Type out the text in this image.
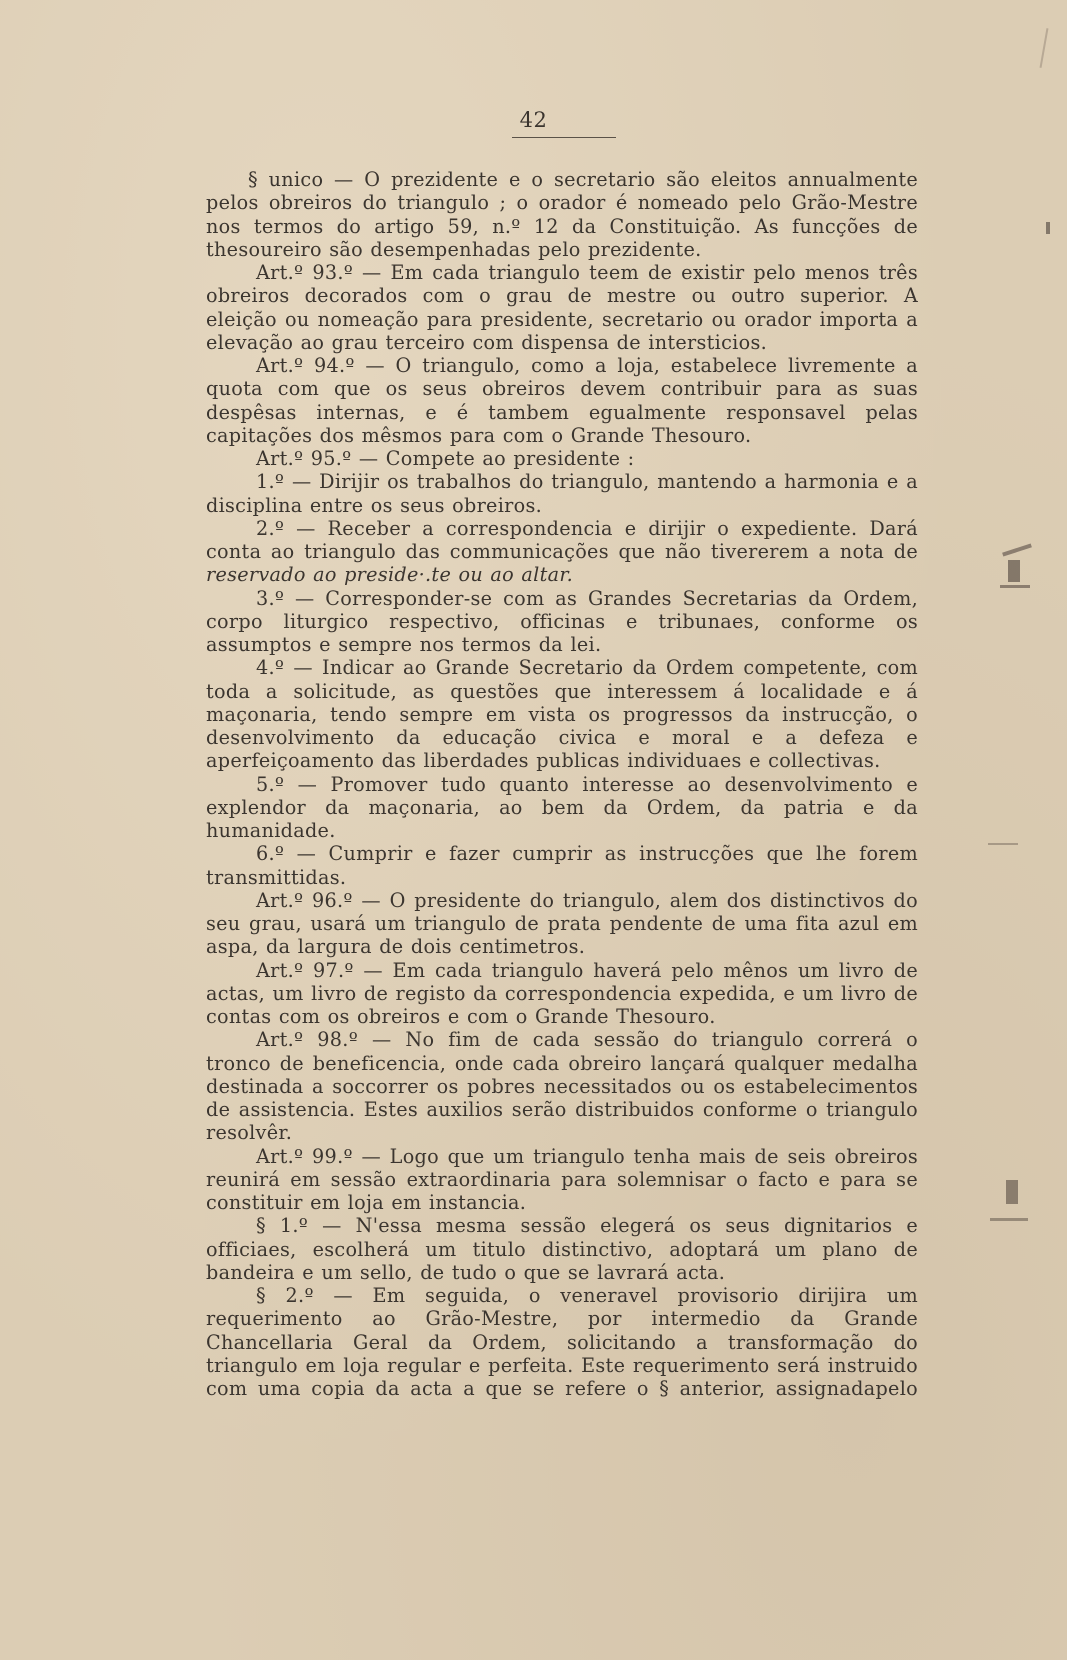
42

§ unico — O prezidente e o secretario são eleitos annualmente pelos obreiros do triangulo ; o orador é nomeado pelo Grão-Mestre nos termos do artigo 59, n.º 12 da Constituição. As funcções de thesoureiro são desempenhadas pelo prezidente.

Art.º 93.º — Em cada triangulo teem de existir pelo menos três obreiros decorados com o grau de mestre ou outro superior. A eleição ou nomeação para presidente, secretario ou orador importa a elevação ao grau terceiro com dispensa de intersticios.

Art.º 94.º — O triangulo, como a loja, estabelece livremente a quota com que os seus obreiros devem contribuir para as suas despêsas internas, e é tambem egualmente responsavel pelas capitações dos mêsmos para com o Grande Thesouro.

Art.º 95.º — Compete ao presidente :

1.º — Dirijir os trabalhos do triangulo, mantendo a harmonia e a disciplina entre os seus obreiros.

2.º — Receber a correspondencia e dirijir o expediente. Dará conta ao triangulo das communicações que não tivererem a nota de reservado ao preside·.te ou ao altar.

3.º — Corresponder-se com as Grandes Secretarias da Ordem, corpo liturgico respectivo, officinas e tribunaes, conforme os assumptos e sempre nos termos da lei.

4.º — Indicar ao Grande Secretario da Ordem competente, com toda a solicitude, as questões que interessem á localidade e á maçonaria, tendo sempre em vista os progressos da instrucção, o desenvolvimento da educação civica e moral e a defeza e aperfeiçoamento das liberdades publicas individuaes e collectivas.

5.º — Promover tudo quanto interesse ao desenvolvimento e explendor da maçonaria, ao bem da Ordem, da patria e da humanidade.

6.º — Cumprir e fazer cumprir as instrucções que lhe forem transmittidas.

Art.º 96.º — O presidente do triangulo, alem dos distinctivos do seu grau, usará um triangulo de prata pendente de uma fita azul em aspa, da largura de dois centimetros.

Art.º 97.º — Em cada triangulo haverá pelo mênos um livro de actas, um livro de registo da correspondencia expedida, e um livro de contas com os obreiros e com o Grande Thesouro.

Art.º 98.º — No fim de cada sessão do triangulo correrá o tronco de beneficencia, onde cada obreiro lançará qualquer medalha destinada a soccorrer os pobres necessitados ou os estabelecimentos de assistencia. Estes auxilios serão distribuidos conforme o triangulo resolvêr.

Art.º 99.º — Logo que um triangulo tenha mais de seis obreiros reunirá em sessão extraordinaria para solemnisar o facto e para se constituir em loja em instancia.

§ 1.º — N'essa mesma sessão elegerá os seus dignitarios e officiaes, escolherá um titulo distinctivo, adoptará um plano de bandeira e um sello, de tudo o que se lavrará acta.

§ 2.º — Em seguida, o veneravel provisorio dirijira um requerimento ao Grão-Mestre, por intermedio da Grande Chancellaria Geral da Ordem, solicitando a transformação do triangulo em loja regular e perfeita. Este requerimento será instruido com uma copia da acta a que se refere o § anterior, assignadapelo
